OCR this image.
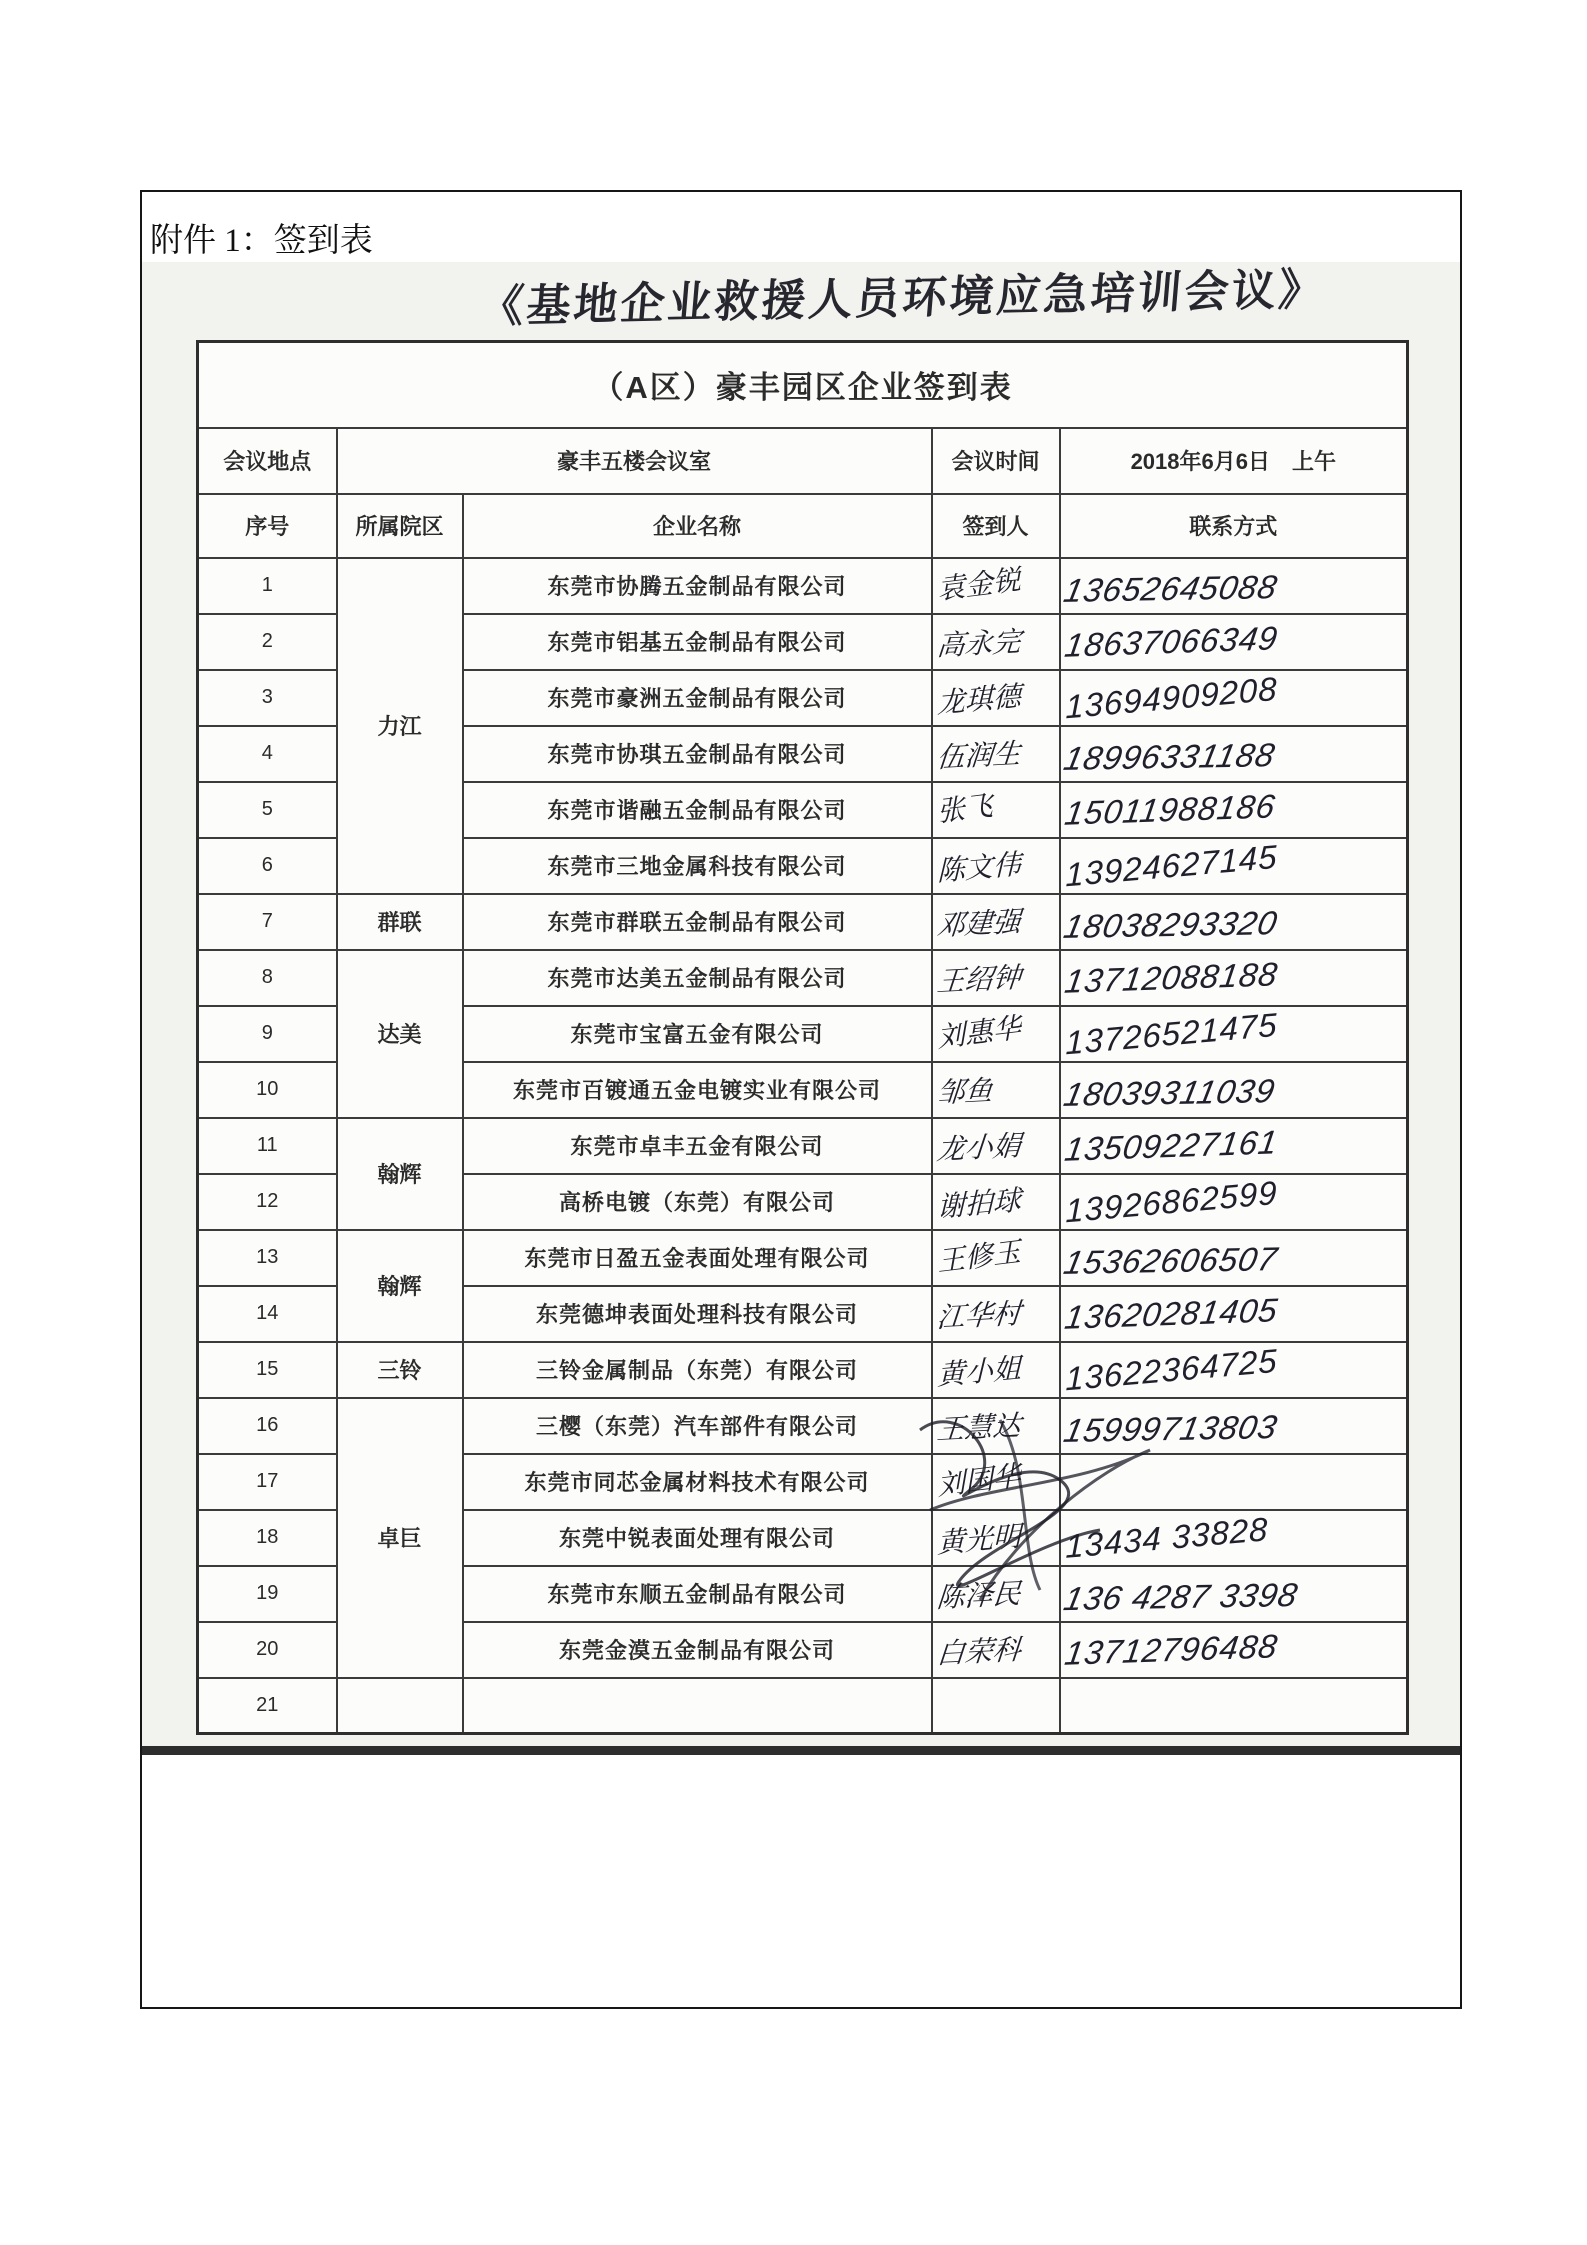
附件 1：签到表
《基地企业救援人员环境应急培训会议》
（A区）豪丰园区企业签到表				
会议地点	豪丰五楼会议室		会议时间	2018年6月6日　上午
序号	所属院区	企业名称	签到人	联系方式
1	力江	东莞市协腾五金制品有限公司	袁金锐	13652645088
2		东莞市铝基五金制品有限公司	高永完	18637066349
3		东莞市豪洲五金制品有限公司	龙琪德	13694909208
4		东莞市协琪五金制品有限公司	伍润生	18996331188
5		东莞市谐融五金制品有限公司	张飞	15011988186
6		东莞市三地金属科技有限公司	陈文伟	13924627145
7	群联	东莞市群联五金制品有限公司	邓建强	18038293320
8	达美	东莞市达美五金制品有限公司	王绍钟	13712088188
9		东莞市宝富五金有限公司	刘惠华	13726521475
10		东莞市百镀通五金电镀实业有限公司	邹鱼	18039311039
11	翰辉	东莞市卓丰五金有限公司	龙小娟	13509227161
12		高桥电镀（东莞）有限公司	谢拍球	13926862599
13	翰辉	东莞市日盈五金表面处理有限公司	王修玉	15362606507
14		东莞德坤表面处理科技有限公司	江华村	13620281405
15	三铃	三铃金属制品（东莞）有限公司	黄小姐	13622364725
16	卓巨	三樱（东莞）汽车部件有限公司	王慧达	15999713803
17		东莞市同芯金属材料技术有限公司	刘国华	
18		东莞中锐表面处理有限公司	黄光明	13434 33828
19		东莞市东顺五金制品有限公司	陈泽民	136 4287 3398
20		东莞金漠五金制品有限公司	白荣科	13712796488
21				
